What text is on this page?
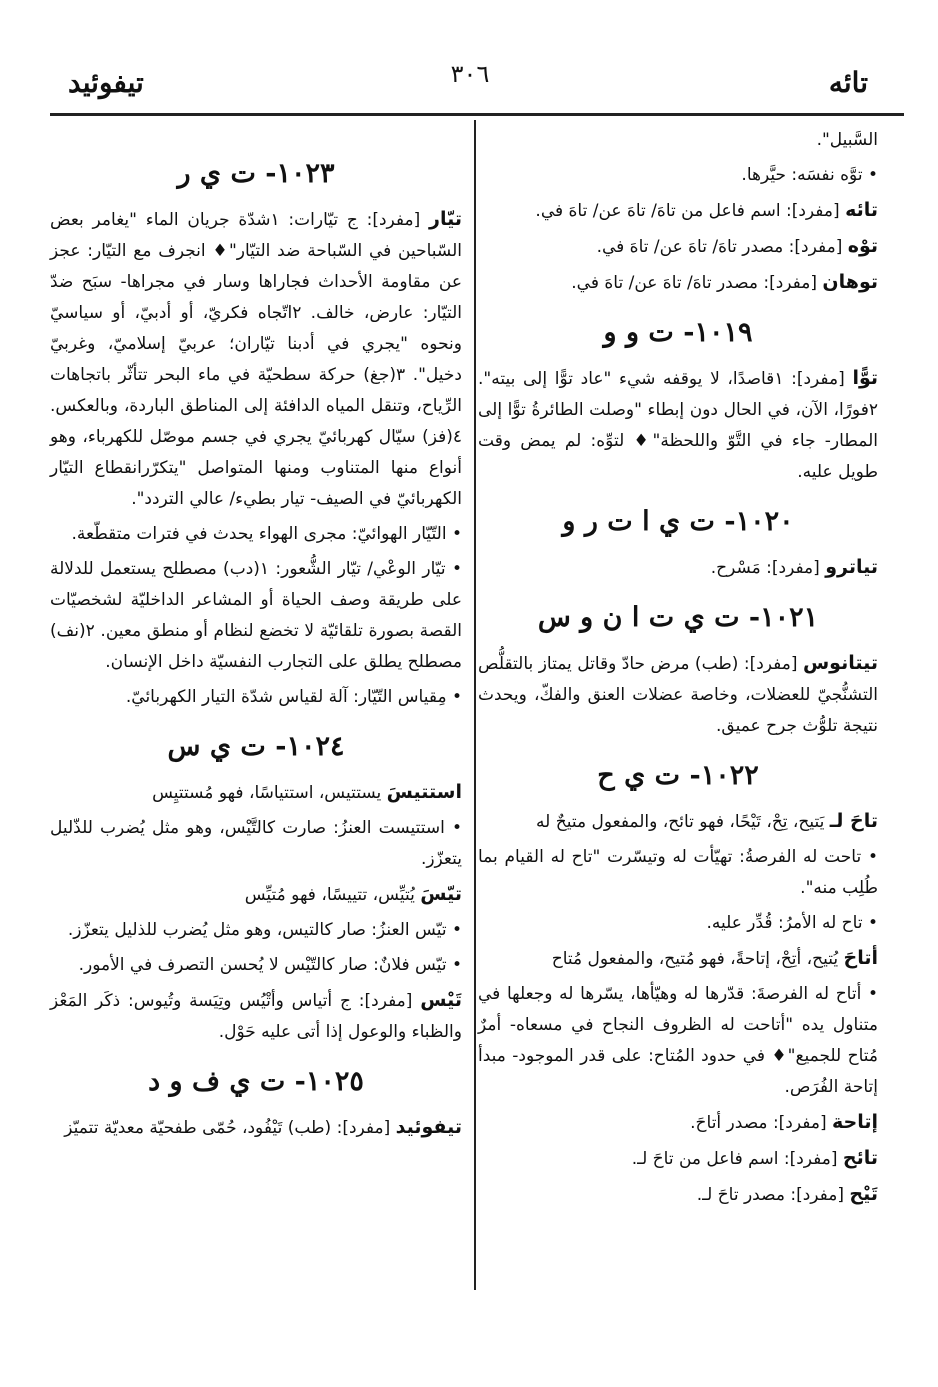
تائه
٣٠٦
تيفوئيد

السَّبيل".

• توَّه نفسَه: حيَّرها.

تائه [مفرد]: اسم فاعل من تاهَ/ تاهَ عن/ تاهَ في.

توْه [مفرد]: مصدر تاهَ/ تاهَ عن/ تاهَ في.

توهان [مفرد]: مصدر تاهَ/ تاهَ عن/ تاهَ في.

١٠١٩- ت و و

توًّا [مفرد]: ١قاصدًا، لا يوقفه شيء "عاد توًّا إلى بيته". ٢فورًا، الآن، في الحال دون إبطاء "وصلت الطائرةُ توًّا إلى المطار- جاء في التَّوّ واللحظة"♦ لتوِّه: لم يمض وقت طويل عليه.

١٠٢٠- ت ي ا ت ر و

تياترو [مفرد]: مَسْرح.

١٠٢١- ت ي ت ا ن و س

تيتانوس [مفرد]: (طب) مرض حادّ وقاتل يمتاز بالتقلُّص التشنُّجيّ للعضلات، وخاصة عضلات العنق والفكّ، ويحدث نتيجة تلوُّث جرح عميق.

١٠٢٢- ت ي ح

تاحَ لـ يَتيح، تِحْ، تَيْحًا، فهو تائح، والمفعول متيحٌ له

• تاحت له الفرصةُ: تهيّأت له وتيسّرت "تاح له القيام بما طُلِب منه".

• تاح له الأمرُ: قُدِّر عليه.

أتاحَ يُتيح، أتِحْ، إتاحةً، فهو مُتيح، والمفعول مُتاح

• أتاح له الفرصةَ: قدّرها له وهيّأها، يسّرها له وجعلها في متناول يده "أتاحت له الظروف النجاح في مسعاه- أمرٌ مُتاح للجميع"♦ في حدود المُتاح: على قدر الموجود- مبدأ إتاحة الفُرَص.

إتاحة [مفرد]: مصدر أتاحَ.

تائح [مفرد]: اسم فاعل من تاحَ لـ.

تَيْح [مفرد]: مصدر تاحَ لـ.

١٠٢٣- ت ي ر

تيّار [مفرد]: ج تيّارات: ١شدّة جريان الماء "يغامر بعض السّباحين في السّباحة ضد التيّار"♦ انجرف مع التيّار: عجز عن مقاومة الأحداث فجاراها وسار في مجراها- سبَح ضدّ التيّار: عارض، خالف. ٢اتّجاه فكريّ، أو أدبيّ، أو سياسيّ ونحوه "يجري في أدبنا تيّاران؛ عربيّ إسلاميّ، وغربيّ دخيل". ٣(جغ) حركة سطحيّة في ماء البحر تتأثّر باتجاهات الرِّياح، وتنقل المياه الدافئة إلى المناطق الباردة، وبالعكس. ٤(فز) سيّال كهربائيّ يجري في جسم موصّل للكهرباء، وهو أنواع منها المتناوب ومنها المتواصل "يتكرّرانقطاع التيّار الكهربائيّ في الصيف- تيار بطيء/ عالي التردد".

• التّيّار الهوائيّ: مجرى الهواء يحدث في فترات متقطّعة.

• تيّار الوعْي/ تيّار الشُّعور: ١(دب) مصطلح يستعمل للدلالة على طريقة وصف الحياة أو المشاعر الداخليّة لشخصيّات القصة بصورة تلقائيّة لا تخضع لنظام أو منطق معين. ٢(نف) مصطلح يطلق على التجارب النفسيّة داخل الإنسان.

• مِقياس التّيّار: آلة لقياس شدّة التيار الكهربائيّ.

١٠٢٤- ت ي س

استتيسَ يستتيس، استتياسًا، فهو مُستتيِس

• استتيست العنزُ: صارت كالتَّيْس، وهو مثل يُضرب للذّليل يتعزّز.

تيّسَ يُتيِّس، تتييسًا، فهو مُتيِّس

• تيّس العنزُ: صار كالتيس، وهو مثل يُضرب للذليل يتعزّز.

• تيّس فلانٌ: صار كالتّيْس لا يُحسن التصرف في الأمور.

تَيْس [مفرد]: ج أتياس وأتْيُس وتِيَسة وتُيوس: ذكَر المَعْز والظباء والوعول إذا أتى عليه حَوْل.

١٠٢٥- ت ي ف و د

تيفوئيد [مفرد]: (طب) تَيْفُود، حُمّى طفحيّة معديّة تتميّز
